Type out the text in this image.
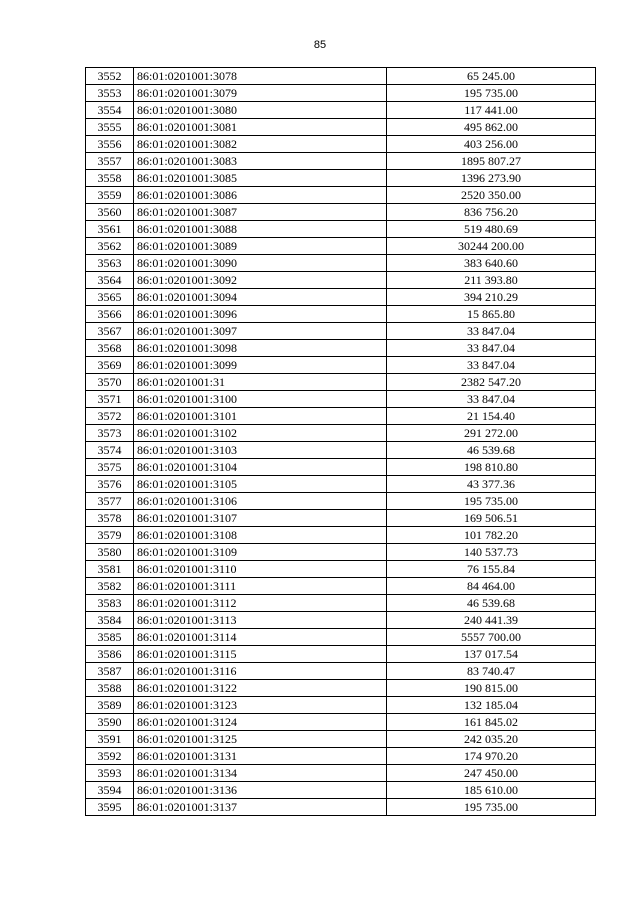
85
3552	86:01:0201001:3078	65 245.00
3553	86:01:0201001:3079	195 735.00
3554	86:01:0201001:3080	117 441.00
3555	86:01:0201001:3081	495 862.00
3556	86:01:0201001:3082	403 256.00
3557	86:01:0201001:3083	1895 807.27
3558	86:01:0201001:3085	1396 273.90
3559	86:01:0201001:3086	2520 350.00
3560	86:01:0201001:3087	836 756.20
3561	86:01:0201001:3088	519 480.69
3562	86:01:0201001:3089	30244 200.00
3563	86:01:0201001:3090	383 640.60
3564	86:01:0201001:3092	211 393.80
3565	86:01:0201001:3094	394 210.29
3566	86:01:0201001:3096	15 865.80
3567	86:01:0201001:3097	33 847.04
3568	86:01:0201001:3098	33 847.04
3569	86:01:0201001:3099	33 847.04
3570	86:01:0201001:31	2382 547.20
3571	86:01:0201001:3100	33 847.04
3572	86:01:0201001:3101	21 154.40
3573	86:01:0201001:3102	291 272.00
3574	86:01:0201001:3103	46 539.68
3575	86:01:0201001:3104	198 810.80
3576	86:01:0201001:3105	43 377.36
3577	86:01:0201001:3106	195 735.00
3578	86:01:0201001:3107	169 506.51
3579	86:01:0201001:3108	101 782.20
3580	86:01:0201001:3109	140 537.73
3581	86:01:0201001:3110	76 155.84
3582	86:01:0201001:3111	84 464.00
3583	86:01:0201001:3112	46 539.68
3584	86:01:0201001:3113	240 441.39
3585	86:01:0201001:3114	5557 700.00
3586	86:01:0201001:3115	137 017.54
3587	86:01:0201001:3116	83 740.47
3588	86:01:0201001:3122	190 815.00
3589	86:01:0201001:3123	132 185.04
3590	86:01:0201001:3124	161 845.02
3591	86:01:0201001:3125	242 035.20
3592	86:01:0201001:3131	174 970.20
3593	86:01:0201001:3134	247 450.00
3594	86:01:0201001:3136	185 610.00
3595	86:01:0201001:3137	195 735.00
